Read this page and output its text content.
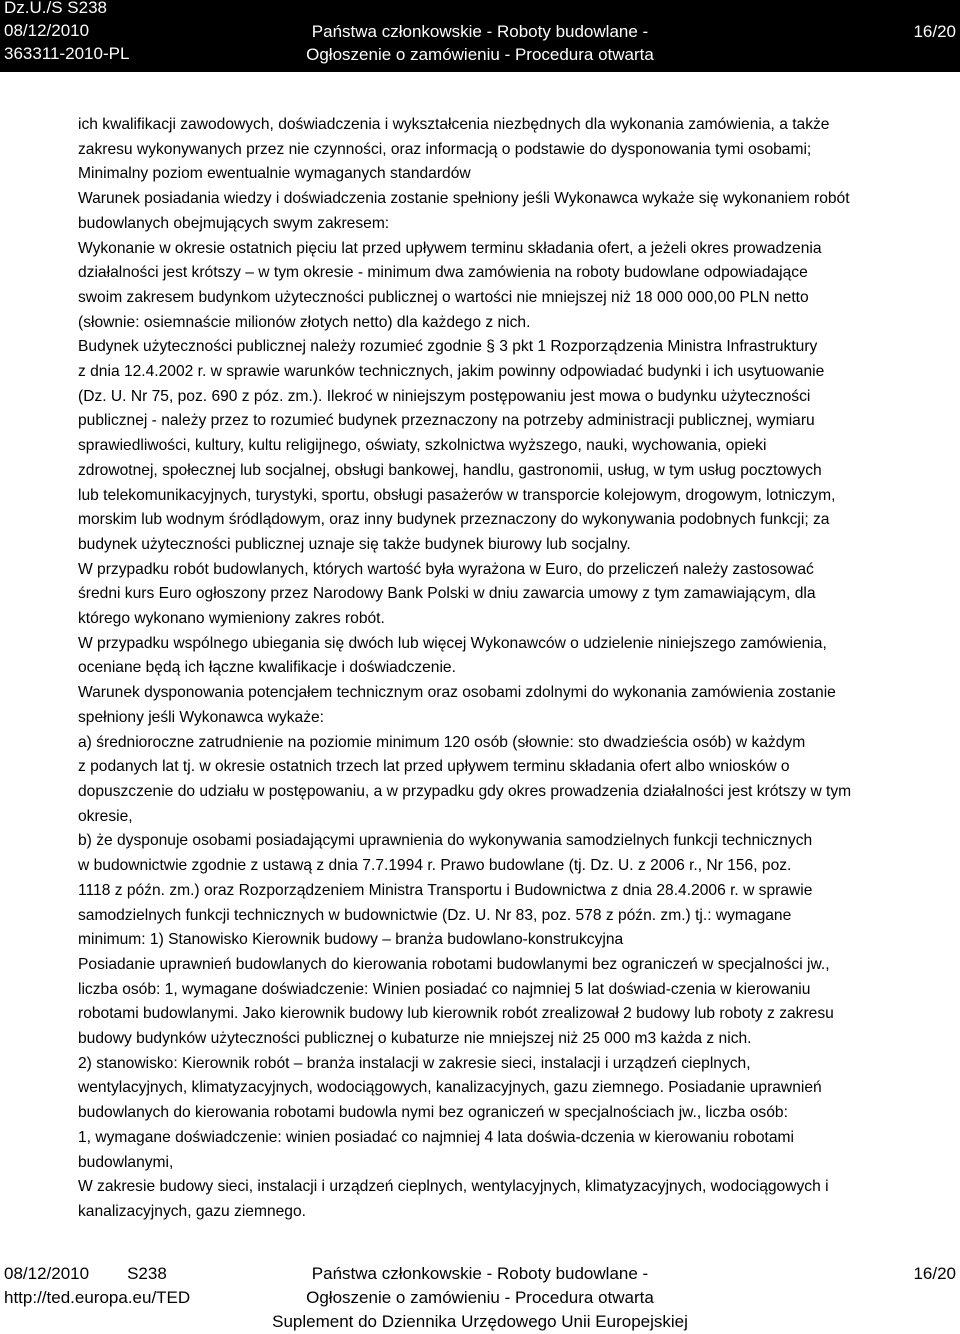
Dz.U./S S238
08/12/2010
363311-2010-PL
Państwa członkowskie - Roboty budowlane -
Ogłoszenie o zamówieniu - Procedura otwarta
16/20

ich kwalifikacji zawodowych, doświadczenia i wykształcenia niezbędnych dla wykonania zamówienia, a także

zakresu wykonywanych przez nie czynności, oraz informacją o podstawie do dysponowania tymi osobami;

Minimalny poziom ewentualnie wymaganych standardów

Warunek posiadania wiedzy i doświadczenia zostanie spełniony jeśli Wykonawca wykaże się wykonaniem robót

budowlanych obejmujących swym zakresem:

Wykonanie w okresie ostatnich pięciu lat przed upływem terminu składania ofert, a jeżeli okres prowadzenia

działalności jest krótszy – w tym okresie - minimum dwa zamówienia na roboty budowlane odpowiadające

swoim zakresem budynkom użyteczności publicznej o wartości nie mniejszej niż 18 000 000,00 PLN netto

(słownie: osiemnaście milionów złotych netto) dla każdego z nich.

Budynek użyteczności publicznej należy rozumieć zgodnie § 3 pkt 1 Rozporządzenia Ministra Infrastruktury

z dnia 12.4.2002 r. w sprawie warunków technicznych, jakim powinny odpowiadać budynki i ich usytuowanie

(Dz. U. Nr 75, poz. 690 z póz. zm.). Ilekroć w niniejszym postępowaniu jest mowa o budynku użyteczności

publicznej - należy przez to rozumieć budynek przeznaczony na potrzeby administracji publicznej, wymiaru

sprawiedliwości, kultury, kultu religijnego, oświaty, szkolnictwa wyższego, nauki, wychowania, opieki

zdrowotnej, społecznej lub socjalnej, obsługi bankowej, handlu, gastronomii, usług, w tym usług pocztowych

lub telekomunikacyjnych, turystyki, sportu, obsługi pasażerów w transporcie kolejowym, drogowym, lotniczym,

morskim lub wodnym śródlądowym, oraz inny budynek przeznaczony do wykonywania podobnych funkcji; za

budynek użyteczności publicznej uznaje się także budynek biurowy lub socjalny.

W przypadku robót budowlanych, których wartość była wyrażona w Euro, do przeliczeń należy zastosować

średni kurs Euro ogłoszony przez Narodowy Bank Polski w dniu zawarcia umowy z tym zamawiającym, dla

którego wykonano wymieniony zakres robót.

W przypadku wspólnego ubiegania się dwóch lub więcej Wykonawców o udzielenie niniejszego zamówienia,

oceniane będą ich łączne kwalifikacje i doświadczenie.

Warunek dysponowania potencjałem technicznym oraz osobami zdolnymi do wykonania zamówienia zostanie

spełniony jeśli Wykonawca wykaże:

a) średnioroczne zatrudnienie na poziomie minimum 120 osób (słownie: sto dwadzieścia osób) w każdym

z podanych lat tj. w okresie ostatnich trzech lat przed upływem terminu składania ofert albo wniosków o

dopuszczenie do udziału w postępowaniu, a w przypadku gdy okres prowadzenia działalności jest krótszy w tym

okresie,

b) że dysponuje osobami posiadającymi uprawnienia do wykonywania samodzielnych funkcji technicznych

w budownictwie zgodnie z ustawą z dnia 7.7.1994 r. Prawo budowlane (tj. Dz. U. z 2006 r., Nr 156, poz.

1118 z późn. zm.) oraz Rozporządzeniem Ministra Transportu i Budownictwa z dnia 28.4.2006 r. w sprawie

samodzielnych funkcji technicznych w budownictwie (Dz. U. Nr 83, poz. 578 z późn. zm.) tj.: wymagane

minimum: 1) Stanowisko Kierownik budowy – branża budowlano-konstrukcyjna

Posiadanie uprawnień budowlanych do kierowania robotami budowlanymi bez ograniczeń w specjalności jw.,

liczba osób: 1, wymagane doświadczenie: Winien posiadać co najmniej 5 lat doświad-czenia w kierowaniu

robotami budowlanymi. Jako kierownik budowy lub kierownik robót zrealizował 2 budowy lub roboty z zakresu

budowy budynków użyteczności publicznej o kubaturze nie mniejszej niż 25 000 m3 każda z nich.

2) stanowisko: Kierownik robót – branża instalacji w zakresie sieci, instalacji i urządzeń cieplnych,

wentylacyjnych, klimatyzacyjnych, wodociągowych, kanalizacyjnych, gazu ziemnego. Posiadanie uprawnień

budowlanych do kierowania robotami budowla nymi bez ograniczeń w specjalnościach jw., liczba osób:

1, wymagane doświadczenie: winien posiadać co najmniej 4 lata doświa-dczenia w kierowaniu robotami

budowlanymi,

W zakresie budowy sieci, instalacji i urządzeń cieplnych, wentylacyjnych, klimatyzacyjnych, wodociągowych i

kanalizacyjnych, gazu ziemnego.

08/12/2010 S238
http://ted.europa.eu/TED
Państwa członkowskie - Roboty budowlane -
Ogłoszenie o zamówieniu - Procedura otwarta
Suplement do Dziennika Urzędowego Unii Europejskiej
16/20
